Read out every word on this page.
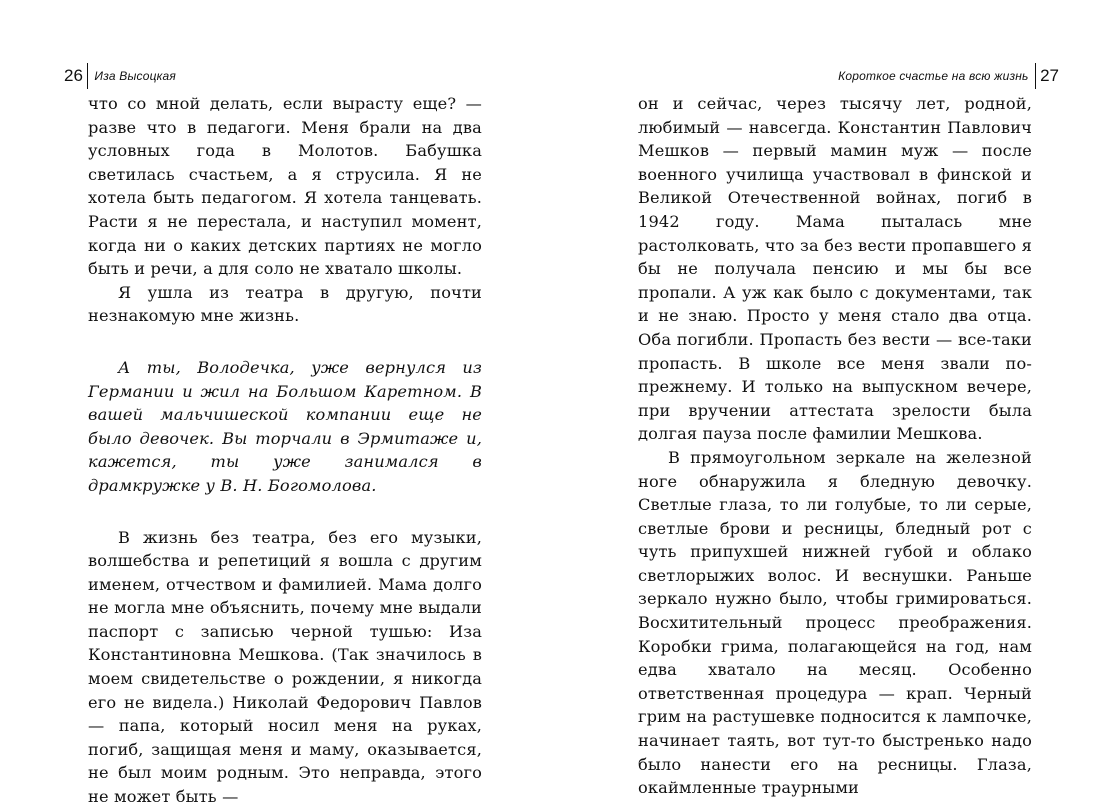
26 Иза Высоцкая

что со мной делать, если вырасту еще? — разве что в педагоги. Меня брали на два условных года в Молотов. Бабушка светилась счастьем, а я струсила. Я не хотела быть педагогом. Я хотела танцевать. Расти я не перестала, и наступил момент, когда ни о каких детских партиях не могло быть и речи, а для соло не хватало школы.

Я ушла из театра в другую, почти незнакомую мне жизнь.

А ты, Володечка, уже вернулся из Германии и жил на Большом Каретном. В вашей мальчишеской компании еще не было девочек. Вы торчали в Эрмитаже и, кажется, ты уже занимался в драмкружке у В. Н. Богомолова.

В жизнь без театра, без его музыки, волшебства и репетиций я вошла с другим именем, отчеством и фамилией. Мама долго не могла мне объяснить, почему мне выдали паспорт с записью черной тушью: Иза Константиновна Мешкова. (Так значилось в моем свидетельстве о рождении, я никогда его не видела.) Николай Федорович Павлов — папа, который носил меня на руках, погиб, защищая меня и маму, оказывается, не был моим родным. Это неправда, этого не может быть —

Короткое счастье на всю жизнь 27

он и сейчас, через тысячу лет, родной, любимый — навсегда. Константин Павлович Мешков — первый мамин муж — после военного училища участвовал в финской и Великой Отечественной войнах, погиб в 1942 году. Мама пыталась мне растолковать, что за без вести пропавшего я бы не получала пенсию и мы бы все пропали. А уж как было с документами, так и не знаю. Просто у меня стало два отца. Оба погибли. Пропасть без вести — все-таки пропасть. В школе все меня звали по-прежнему. И только на выпускном вечере, при вручении аттестата зрелости была долгая пауза после фамилии Мешкова.

В прямоугольном зеркале на железной ноге обнаружила я бледную девочку. Светлые глаза, то ли голубые, то ли серые, светлые брови и ресницы, бледный рот с чуть припухшей нижней губой и облако светлорыжих волос. И веснушки. Раньше зеркало нужно было, чтобы гримироваться. Восхитительный процесс преображения. Коробки грима, полагающейся на год, нам едва хватало на месяц. Особенно ответственная процедура — крап. Черный грим на растушевке подносится к лампочке, начинает таять, вот тут-то быстренько надо было нанести его на ресницы. Глаза, окаймленные траурными
